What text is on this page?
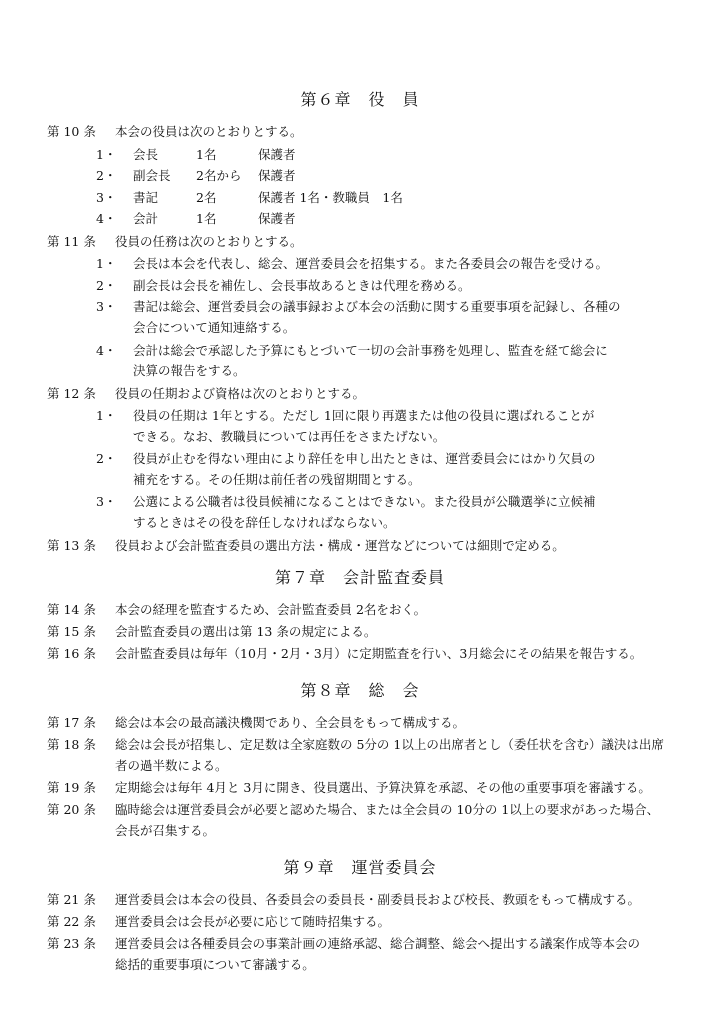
第６章　役　員
第 10 条 本会の役員は次のとおりとする。
1・ 会長	1名	保護者
2・ 副会長 2名から 保護者
3・ 書記	2名	保護者 1名・教職員　1名
4・ 会計	1名	保護者
第 11 条 役員の任務は次のとおりとする。
1・ 会長は本会を代表し、総会、運営委員会を招集する。また各委員会の報告を受ける。
2・ 副会長は会長を補佐し、会長事故あるときは代理を務める。
3・ 書記は総会、運営委員会の議事録および本会の活動に関する重要事項を記録し、各種の
会合について通知連絡する。
4・ 会計は総会で承認した予算にもとづいて一切の会計事務を処理し、監査を経て総会に
決算の報告をする。
第 12 条 役員の任期および資格は次のとおりとする。
1・ 役員の任期は 1年とする。ただし 1回に限り再選または他の役員に選ばれることが
できる。なお、教職員については再任をさまたげない。
2・ 役員が止むを得ない理由により辞任を申し出たときは、運営委員会にはかり欠員の
補充をする。その任期は前任者の残留期間とする。
3・ 公選による公職者は役員候補になることはできない。また役員が公職選挙に立候補
するときはその役を辞任しなければならない。
第 13 条 役員および会計監査委員の選出方法・構成・運営などについては細則で定める。
第７章　会計監査委員
第 14 条 本会の経理を監査するため、会計監査委員 2名をおく。
第 15 条 会計監査委員の選出は第 13 条の規定による。
第 16 条 会計監査委員は毎年（10月・2月・3月）に定期監査を行い、3月総会にその結果を報告する。
第８章　総　会
第 17 条 総会は本会の最高議決機関であり、全会員をもって構成する。
第 18 条 総会は会長が招集し、定足数は全家庭数の 5分の 1以上の出席者とし（委任状を含む）議決は出席
者の過半数による。
第 19 条 定期総会は毎年 4月と 3月に開き、役員選出、予算決算を承認、その他の重要事項を審議する。
第 20 条 臨時総会は運営委員会が必要と認めた場合、または全会員の 10分の 1以上の要求があった場合、
会長が召集する。
第９章　運営委員会
第 21 条 運営委員会は本会の役員、各委員会の委員長・副委員長および校長、教頭をもって構成する。
第 22 条 運営委員会は会長が必要に応じて随時招集する。
第 23 条 運営委員会は各種委員会の事業計画の連絡承認、総合調整、総会へ提出する議案作成等本会の
総括的重要事項について審議する。
